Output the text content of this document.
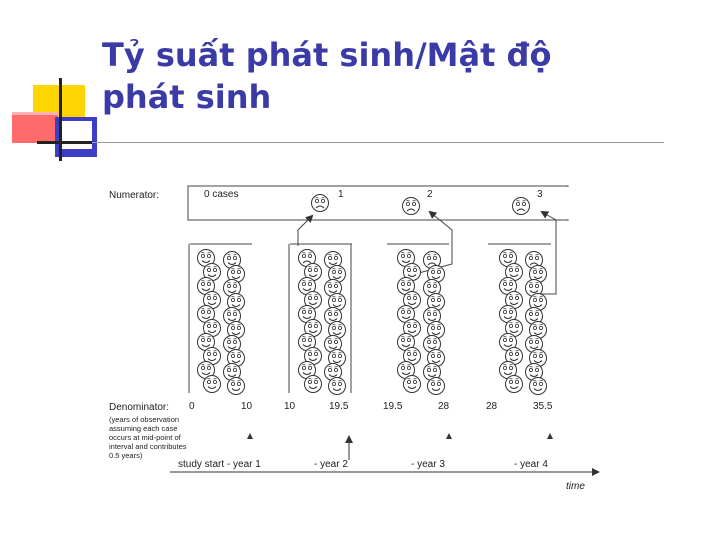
Tỷ suất phát sinh/Mật độ
phát sinh
Numerator:	0 cases	1	2	3
Denominator:
(years of observation
assuming each case
occurs at mid-point of
interval and contributes
0.5 years)
0	10	10	19.5	19.5	28	28	35.5
study start - year 1	- year 2	- year 3	- year 4
time
